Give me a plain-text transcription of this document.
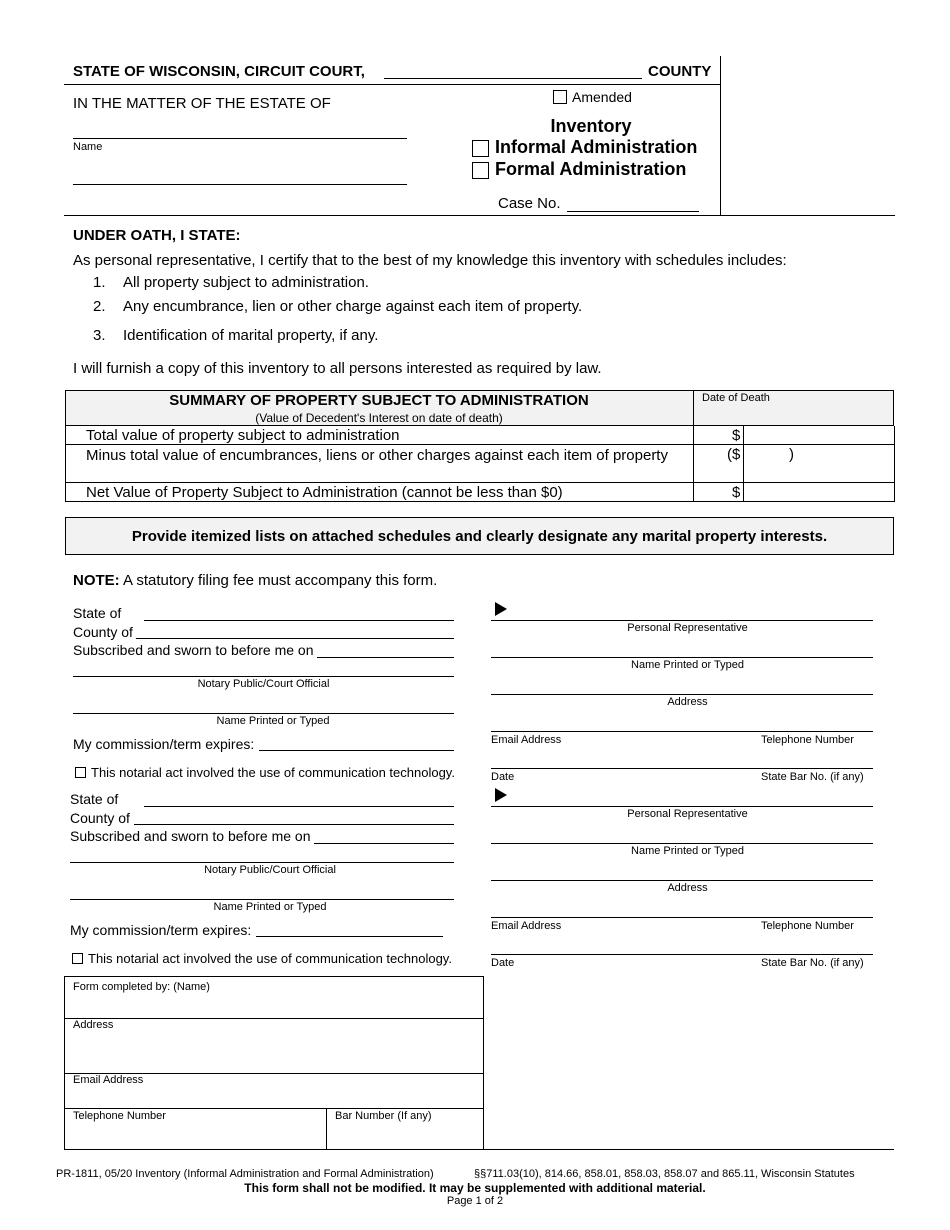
STATE OF WISCONSIN, CIRCUIT COURT,	COUNTY
IN THE MATTER OF THE ESTATE OF
Name
Amended
Inventory
Informal Administration
Formal Administration
Case No.
UNDER OATH, I STATE:
As personal representative, I certify that to the best of my knowledge this inventory with schedules includes:
1. All property subject to administration.
2. Any encumbrance, lien or other charge against each item of property.
3. Identification of marital property, if any.
I will furnish a copy of this inventory to all persons interested as required by law.
SUMMARY OF PROPERTY SUBJECT TO ADMINISTRATION
(Value of Decedent's Interest on date of death)
Date of Death
Total value of property subject to administration	$
Minus total value of encumbrances, liens or other charges against each item of property	($	)
Net Value of Property Subject to Administration (cannot be less than $0)	$
Provide itemized lists on attached schedules and clearly designate any marital property interests.
NOTE: A statutory filing fee must accompany this form.
State of
County of
Subscribed and sworn to before me on
Notary Public/Court Official
Name Printed or Typed
My commission/term expires:
This notarial act involved the use of communication technology.
State of
County of
Subscribed and sworn to before me on
Notary Public/Court Official
Name Printed or Typed
My commission/term expires:
This notarial act involved the use of communication technology.
Personal Representative
Name Printed or Typed
Address
Email Address	Telephone Number
Date	State Bar No. (if any)
Personal Representative
Name Printed or Typed
Address
Email Address	Telephone Number
Date	State Bar No. (if any)
Form completed by: (Name)
Address
Email Address
Telephone Number	Bar Number (If any)
PR-1811, 05/20 Inventory (Informal Administration and Formal Administration)	§§711.03(10), 814.66, 858.01, 858.03, 858.07 and 865.11, Wisconsin Statutes
This form shall not be modified. It may be supplemented with additional material.
Page 1 of 2
